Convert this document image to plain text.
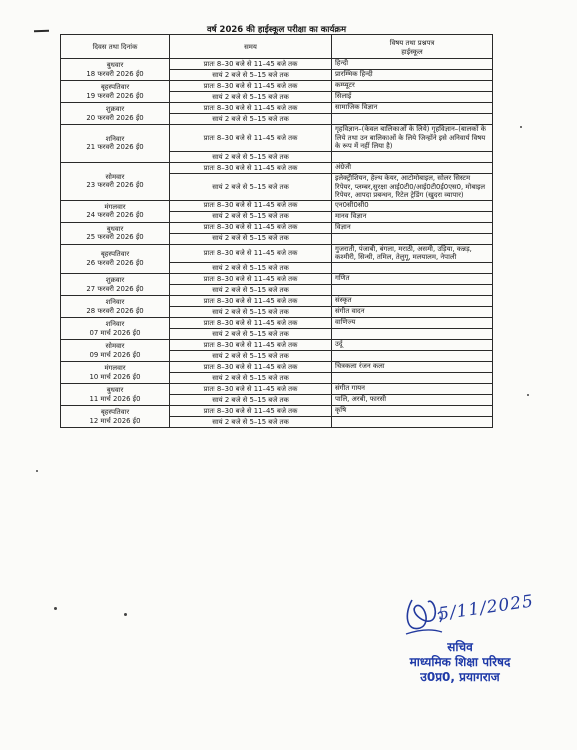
वर्ष 2026 की हाईस्कूल परीक्षा का कार्यक्रम
दिवस तथा दिनांक	समय	विषय तथा प्रश्नपत्र
हाईस्कूल

बुधवार
18 फरवरी 2026 ई0	प्रातः 8–30 बजे से 11–45 बजे तक	हिन्दी
	सायं 2 बजे से 5–15 बजे तक	प्रारम्भिक हिन्दी

बृहस्पतिवार
19 फरवरी 2026 ई0	प्रातः 8–30 बजे से 11–45 बजे तक	कम्प्यूटर
	सायं 2 बजे से 5–15 बजे तक	सिलाई

शुक्रवार
20 फरवरी 2026 ई0	प्रातः 8–30 बजे से 11–45 बजे तक	सामाजिक विज्ञान
	सायं 2 बजे से 5–15 बजे तक	

शनिवार
21 फरवरी 2026 ई0	प्रातः 8–30 बजे से 11–45 बजे तक	गृहविज्ञान–(केवल बालिकाओं के लिये) गृहविज्ञान–(बालकों के लिये तथा उन बालिकाओं के लिये जिन्होंने इसे अनिवार्य विषय के रूप में नहीं लिया है)
	सायं 2 बजे से 5–15 बजे तक	

सोमवार
23 फरवरी 2026 ई0	प्रातः 8–30 बजे से 11–45 बजे तक	अंग्रेजी
	सायं 2 बजे से 5–15 बजे तक	इलेक्ट्रीशियन, हेल्थ केयर, आटोमोबाइल, सोलर सिस्टम रिपेयर, प्लम्बर,सुरक्षा आई0टी0/आई0टी0ई0एस0, मोबाइल रिपेयर, आपदा प्रबन्धन, रिटेल ट्रेडिंग (खुदरा व्यापार)

मंगलवार
24 फरवरी 2026 ई0	प्रातः 8–30 बजे से 11–45 बजे तक	एन0सी0सी0
	सायं 2 बजे से 5–15 बजे तक	मानव विज्ञान

बुधवार
25 फरवरी 2026 ई0	प्रातः 8–30 बजे से 11–45 बजे तक	विज्ञान
	सायं 2 बजे से 5–15 बजे तक	

बृहस्पतिवार
26 फरवरी 2026 ई0	प्रातः 8–30 बजे से 11–45 बजे तक	गुजराती, पंजाबी, बंगला, मराठी, असमी, उड़िया, कन्नड़, कश्मीरी, सिन्धी, तमिल, तेलुगू, मलयालम, नेपाली
	सायं 2 बजे से 5–15 बजे तक	

शुक्रवार
27 फरवरी 2026 ई0	प्रातः 8–30 बजे से 11–45 बजे तक	गणित
	सायं 2 बजे से 5–15 बजे तक	

शनिवार
28 फरवरी 2026 ई0	प्रातः 8–30 बजे से 11–45 बजे तक	संस्कृत
	सायं 2 बजे से 5–15 बजे तक	संगीत वादन

शनिवार
07 मार्च 2026 ई0	प्रातः 8–30 बजे से 11–45 बजे तक	वाणिज्य
	सायं 2 बजे से 5–15 बजे तक	

सोमवार
09 मार्च 2026 ई0	प्रातः 8–30 बजे से 11–45 बजे तक	उर्दू
	सायं 2 बजे से 5–15 बजे तक	

मंगलवार
10 मार्च 2026 ई0	प्रातः 8–30 बजे से 11–45 बजे तक	चित्रकला रंजन कला
	सायं 2 बजे से 5–15 बजे तक	

बुधवार
11 मार्च 2026 ई0	प्रातः 8–30 बजे से 11–45 बजे तक	संगीत गायन
	सायं 2 बजे से 5–15 बजे तक	पालि, अरबी, फारसी

बृहस्पतिवार
12 मार्च 2026 ई0	प्रातः 8–30 बजे से 11–45 बजे तक	कृषि
	सायं 2 बजे से 5–15 बजे तक	
5/11/2025
सचिव
माध्यमिक शिक्षा परिषद
उ0प्र0, प्रयागराज
